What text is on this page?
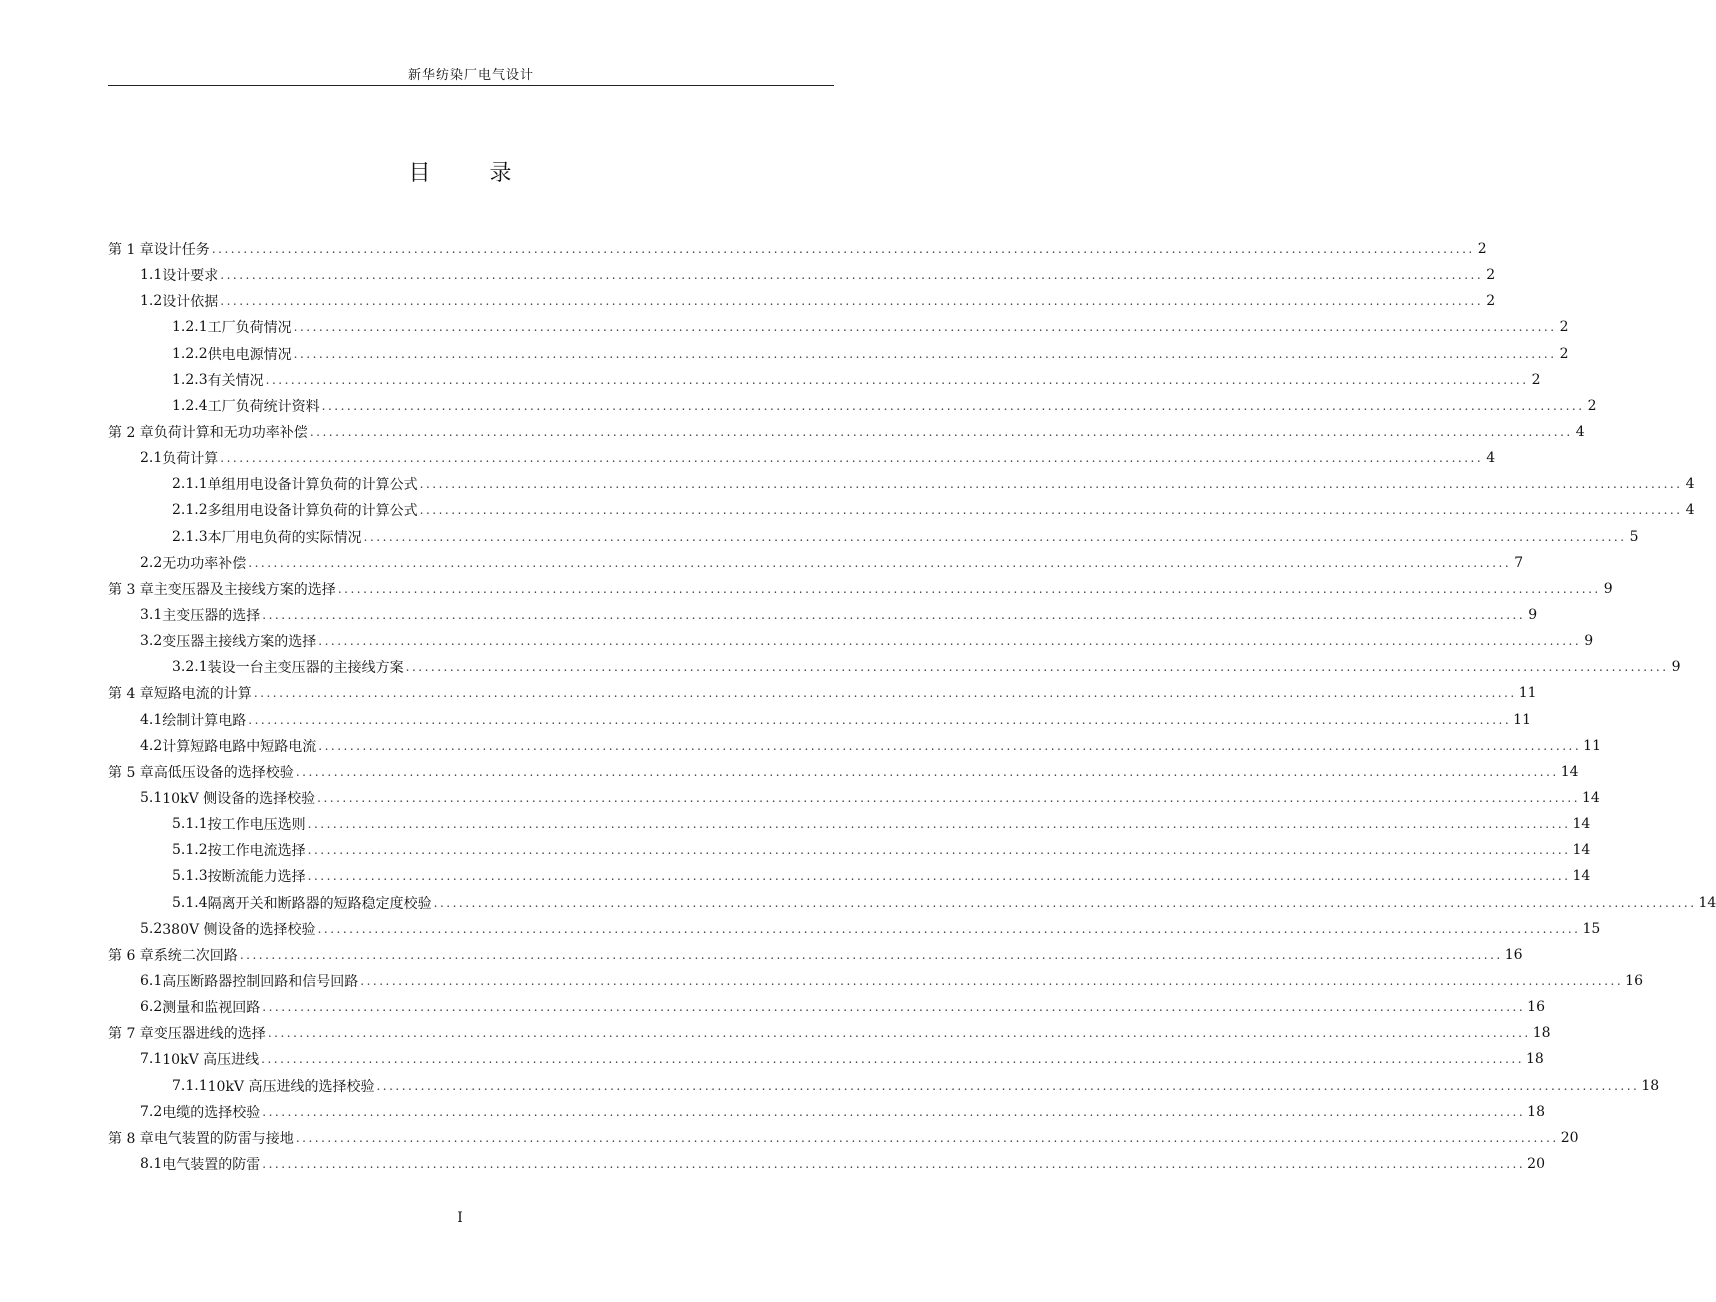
新华纺染厂电气设计
目 录
第 1 章 设计任务 ........................................................................................................................................................................................................ 2
1.1 设计要求 ........................................................................................................................................................................................................ 2
1.2 设计依据 ........................................................................................................................................................................................................ 2
1.2.1 工厂负荷情况 ........................................................................................................................................................................................................ 2
1.2.2 供电电源情况 ........................................................................................................................................................................................................ 2
1.2.3 有关情况 ........................................................................................................................................................................................................ 2
1.2.4 工厂负荷统计资料 ........................................................................................................................................................................................................ 2
第 2 章 负荷计算和无功功率补偿 ........................................................................................................................................................................................................ 4
2.1 负荷计算 ........................................................................................................................................................................................................ 4
2.1.1 单组用电设备计算负荷的计算公式 ........................................................................................................................................................................................................ 4
2.1.2 多组用电设备计算负荷的计算公式 ........................................................................................................................................................................................................ 4
2.1.3 本厂用电负荷的实际情况 ........................................................................................................................................................................................................ 5
2.2 无功功率补偿 ........................................................................................................................................................................................................ 7
第 3 章 主变压器及主接线方案的选择 ........................................................................................................................................................................................................ 9
3.1 主变压器的选择 ........................................................................................................................................................................................................ 9
3.2 变压器主接线方案的选择 ........................................................................................................................................................................................................ 9
3.2.1 装设一台主变压器的主接线方案 ........................................................................................................................................................................................................ 9
第 4 章 短路电流的计算 ........................................................................................................................................................................................................ 11
4.1 绘制计算电路 ........................................................................................................................................................................................................ 11
4.2 计算短路电路中短路电流 ........................................................................................................................................................................................................ 11
第 5 章 高低压设备的选择校验 ........................................................................................................................................................................................................ 14
5.1 10kV 侧设备的选择校验 ........................................................................................................................................................................................................ 14
5.1.1 按工作电压选则 ........................................................................................................................................................................................................ 14
5.1.2 按工作电流选择 ........................................................................................................................................................................................................ 14
5.1.3 按断流能力选择 ........................................................................................................................................................................................................ 14
5.1.4 隔离开关和断路器的短路稳定度校验 ........................................................................................................................................................................................................ 14
5.2 380V 侧设备的选择校验 ........................................................................................................................................................................................................ 15
第 6 章 系统二次回路 ........................................................................................................................................................................................................ 16
6.1 高压断路器控制回路和信号回路 ........................................................................................................................................................................................................ 16
6.2 测量和监视回路 ........................................................................................................................................................................................................ 16
第 7 章 变压器进线的选择 ........................................................................................................................................................................................................ 18
7.1 10kV 高压进线 ........................................................................................................................................................................................................ 18
7.1.1 10kV 高压进线的选择校验 ........................................................................................................................................................................................................ 18
7.2 电缆的选择校验 ........................................................................................................................................................................................................ 18
第 8 章 电气装置的防雷与接地 ........................................................................................................................................................................................................ 20
8.1 电气装置的防雷 ........................................................................................................................................................................................................ 20
I
